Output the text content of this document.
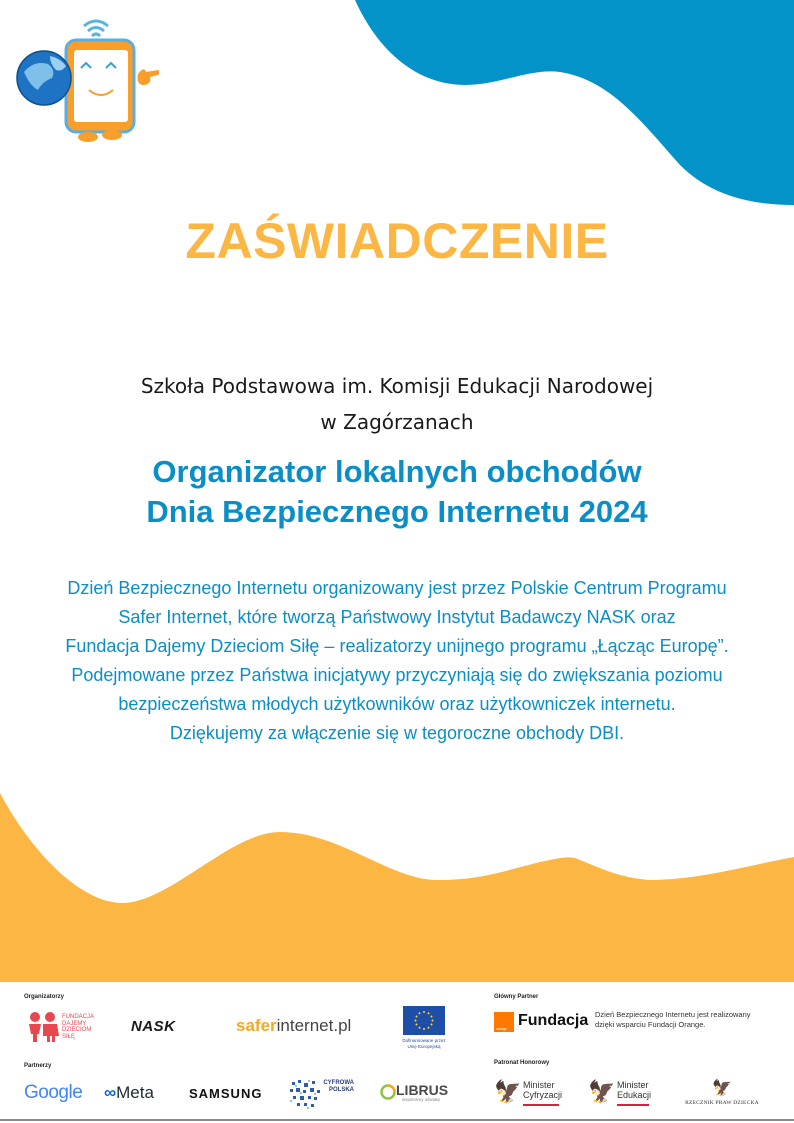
ZAŚWIADCZENIE
Szkoła Podstawowa im. Komisji Edukacji Narodowej
w Zagórzanach
Organizator lokalnych obchodów
Dnia Bezpiecznego Internetu 2024
Dzień Bezpiecznego Internetu organizowany jest przez Polskie Centrum Programu
Safer Internet, które tworzą Państwowy Instytut Badawczy NASK oraz
Fundacja Dajemy Dzieciom Siłę – realizatorzy unijnego programu „Łącząc Europę”.
Podejmowane przez Państwa inicjatywy przyczyniają się do zwiększania poziomu
bezpieczeństwa młodych użytkowników oraz użytkowniczek internetu.
Dziękujemy za włączenie się w tegoroczne obchody DBI.
Organizatorzy
FUNDACJA
DAJEMY
DZIECIOM
SIŁĘ
NASK	saferinternet.pl
Dofinansowane przez
Unię Europejską
Główny Partner
orange Fundacja Dzień Bezpiecznego Internetu jest realizowany
dzięki wsparciu Fundacji Orange.
Partnerzy
Google ∞Meta	SAMSUNG
CYFROWA
POLSKA	LIBRUS
wspieramy oświatę
Patronat Honorowy
🦅 Minister
Cyfryzacji 🦅 Minister
Edukacji	🦅
RZECZNIK PRAW DZIECKA
